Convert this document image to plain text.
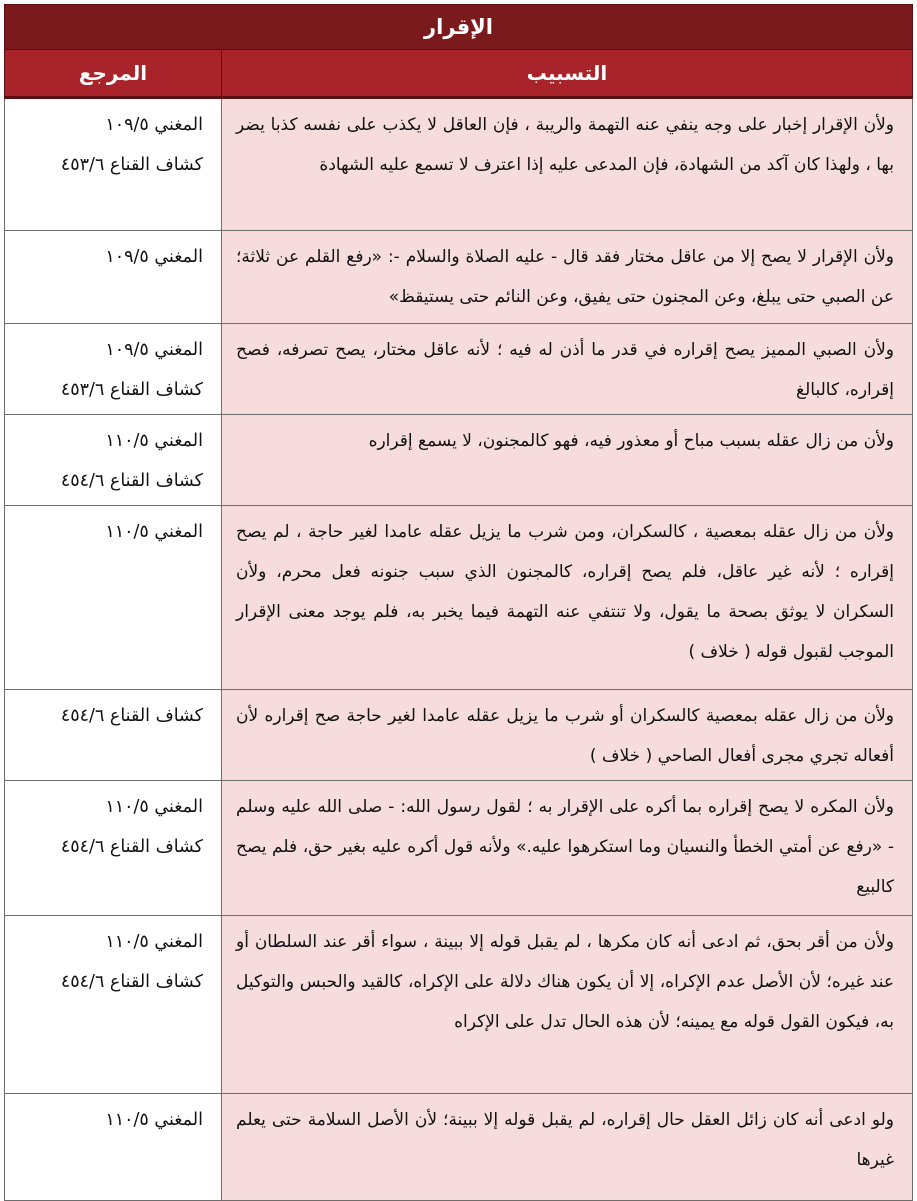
الإقرار	
التسبيب	المرجع
ولأن الإقرار إخبار على وجه ينفي عنه التهمة والريبة ، فإن العاقل لا يكذب على نفسه كذبا يضر بها ، ولهذا كان آكد من الشهادة، فإن المدعى عليه إذا اعترف لا تسمع عليه الشهادة	المغني ١٠٩/٥
كشاف القناع ٤٥٣/٦

ولأن الإقرار لا يصح إلا من عاقل مختار فقد قال - عليه الصلاة والسلام -: «رفع القلم عن ثلاثة؛ عن الصبي حتى يبلغ، وعن المجنون حتى يفيق، وعن النائم حتى يستيقظ»	المغني ١٠٩/٥

ولأن الصبي المميز يصح إقراره في قدر ما أذن له فيه ؛ لأنه عاقل مختار، يصح تصرفه، فصح إقراره، كالبالغ	المغني ١٠٩/٥
كشاف القناع ٤٥٣/٦

ولأن من زال عقله بسبب مباح أو معذور فيه، فهو كالمجنون، لا يسمع إقراره	المغني ١١٠/٥
كشاف القناع ٤٥٤/٦

ولأن من زال عقله بمعصية ، كالسكران، ومن شرب ما يزيل عقله عامدا لغير حاجة ، لم يصح إقراره ؛ لأنه غير عاقل، فلم يصح إقراره، كالمجنون الذي سبب جنونه فعل محرم، ولأن السكران لا يوثق بصحة ما يقول، ولا تنتفي عنه التهمة فيما يخبر به، فلم يوجد معنى الإقرار الموجب لقبول قوله ( خلاف )	المغني ١١٠/٥

ولأن من زال عقله بمعصية كالسكران أو شرب ما يزيل عقله عامدا لغير حاجة صح إقراره لأن أفعاله تجري مجرى أفعال الصاحي ( خلاف )	كشاف القناع ٤٥٤/٦

ولأن المكره لا يصح إقراره بما أكره على الإقرار به ؛ لقول رسول الله: - صلى الله عليه وسلم - «رفع عن أمتي الخطأ والنسيان وما استكرهوا عليه.» ولأنه قول أكره عليه بغير حق، فلم يصح كالبيع	المغني ١١٠/٥
كشاف القناع ٤٥٤/٦

ولأن من أقر بحق، ثم ادعى أنه كان مكرها ، لم يقبل قوله إلا ببينة ، سواء أقر عند السلطان أو عند غيره؛ لأن الأصل عدم الإكراه، إلا أن يكون هناك دلالة على الإكراه، كالقيد والحبس والتوكيل به، فيكون القول قوله مع يمينه؛ لأن هذه الحال تدل على الإكراه	المغني ١١٠/٥
كشاف القناع ٤٥٤/٦

ولو ادعى أنه كان زائل العقل حال إقراره، لم يقبل قوله إلا ببينة؛ لأن الأصل السلامة حتى يعلم غيرها	المغني ١١٠/٥
